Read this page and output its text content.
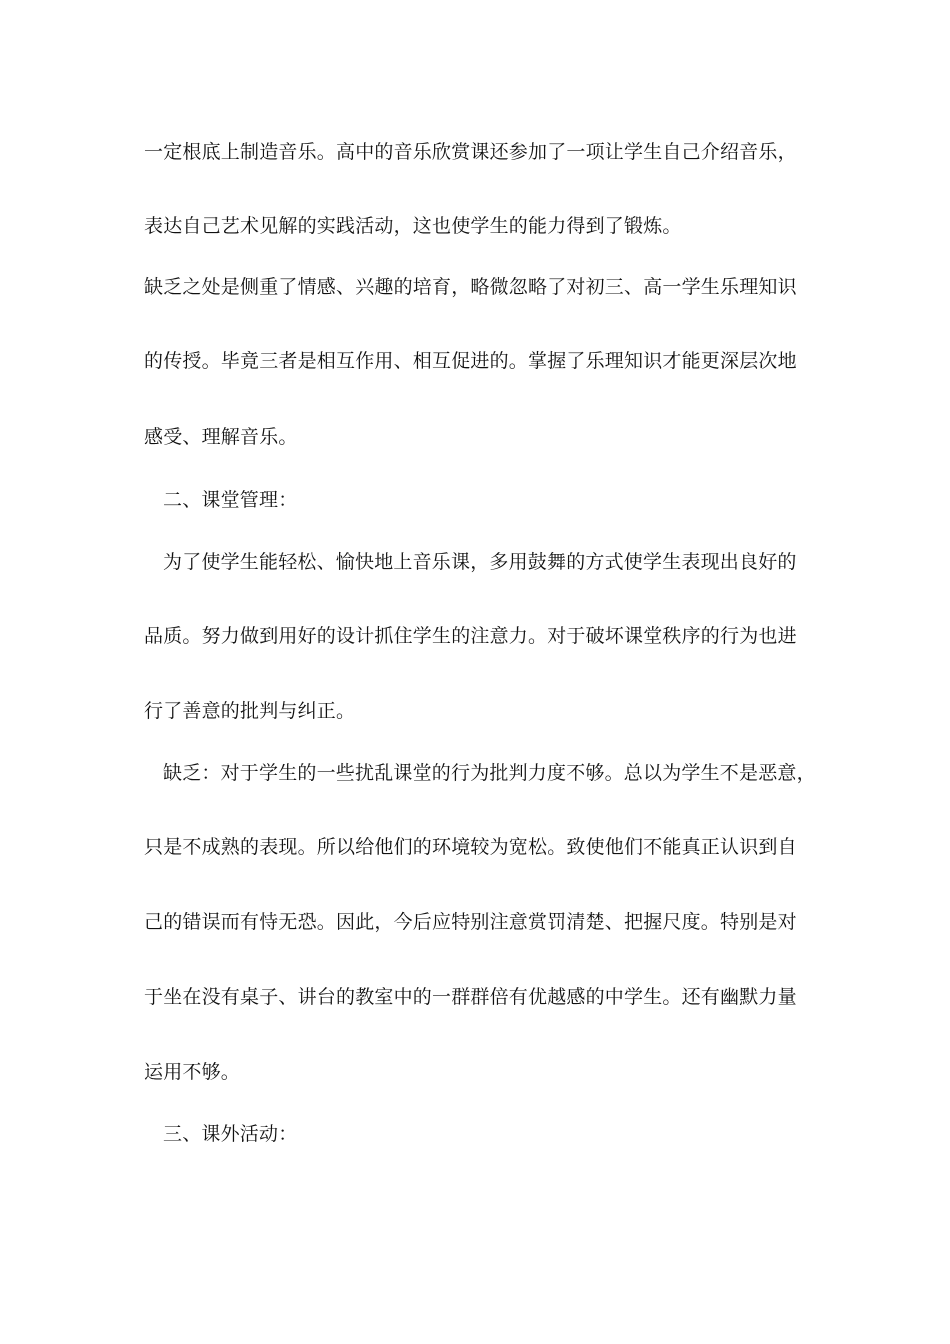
一定根底上制造音乐。高中的音乐欣赏课还参加了一项让学生自己介绍音乐，
表达自己艺术见解的实践活动，这也使学生的能力得到了锻炼。
缺乏之处是侧重了情感、兴趣的培育，略微忽略了对初三、高一学生乐理知识
的传授。毕竟三者是相互作用、相互促进的。掌握了乐理知识才能更深层次地
感受、理解音乐。
二、课堂管理：
为了使学生能轻松、愉快地上音乐课，多用鼓舞的方式使学生表现出良好的
品质。努力做到用好的设计抓住学生的注意力。对于破坏课堂秩序的行为也进
行了善意的批判与纠正。
缺乏：对于学生的一些扰乱课堂的行为批判力度不够。总以为学生不是恶意，
只是不成熟的表现。所以给他们的环境较为宽松。致使他们不能真正认识到自
己的错误而有恃无恐。因此，今后应特别注意赏罚清楚、把握尺度。特别是对
于坐在没有桌子、讲台的教室中的一群群倍有优越感的中学生。还有幽默力量
运用不够。
三、课外活动：
